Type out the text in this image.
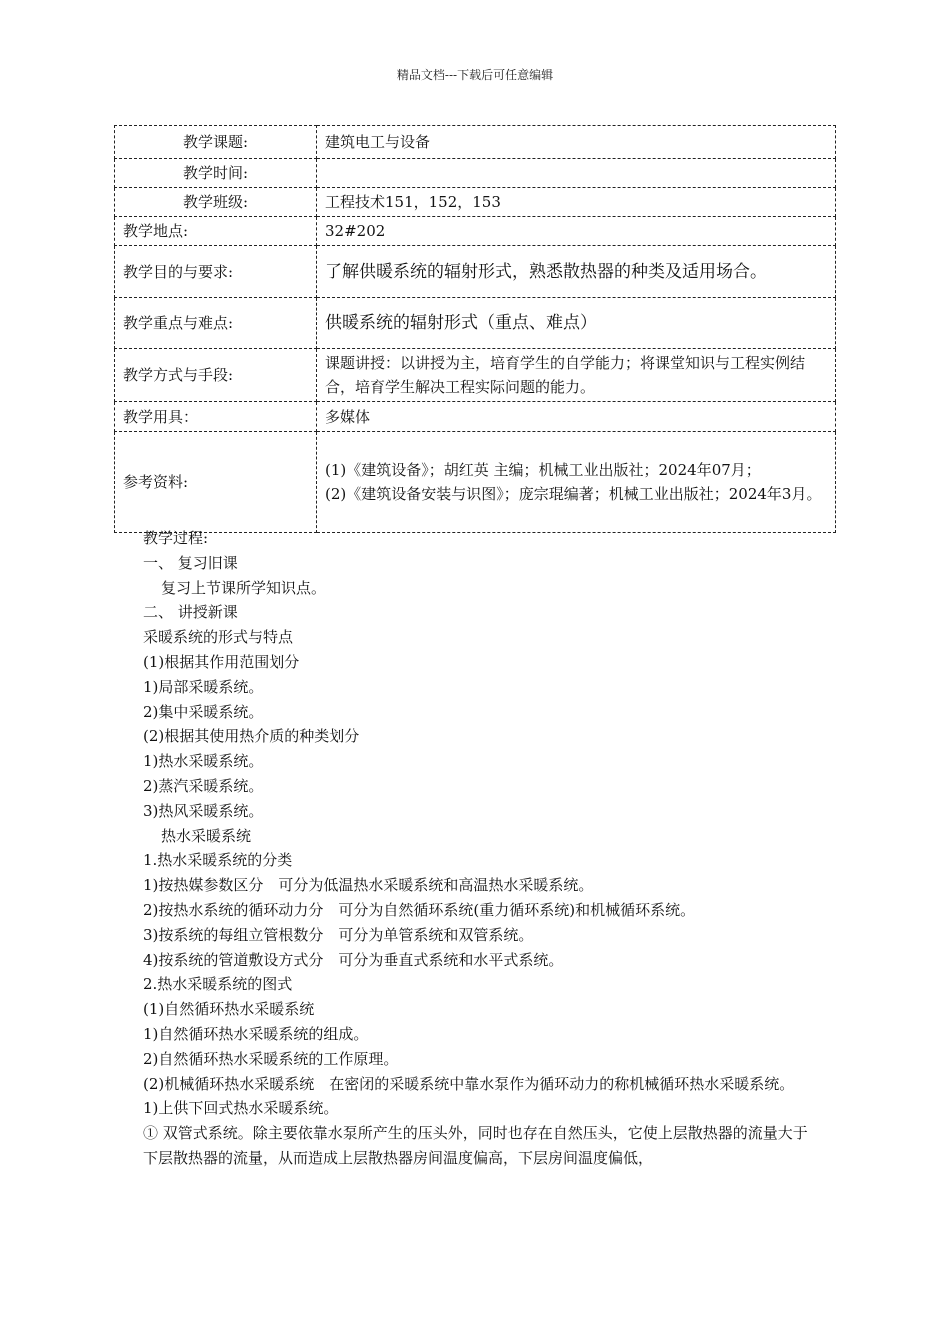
精品文档---下载后可任意编辑
教学课题:	建筑电工与设备
教学时间:	
教学班级:	工程技术151，152，153
教学地点:	32#202
教学目的与要求:	了解供暖系统的辐射形式，熟悉散热器的种类及适用场合。
教学重点与难点:	供暖系统的辐射形式（重点、难点）
教学方式与手段:	课题讲授：以讲授为主，培育学生的自学能力；将课堂知识与工程实例结合，培育学生解决工程实际问题的能力。
教学用具：	多媒体
参考资料:	(1)《建筑设备》；胡红英 主编；机械工业出版社；2024年07月；
(2)《建筑设备安装与识图》；庞宗琨编著；机械工业出版社；2024年3月。

教学过程:

一、 复习旧课

复习上节课所学知识点。

二、 讲授新课

采暖系统的形式与特点

(1)根据其作用范围划分

1)局部采暖系统。

2)集中采暖系统。

(2)根据其使用热介质的种类划分

1)热水采暖系统。

2)蒸汽采暖系统。

3)热风采暖系统。

热水采暖系统

1.热水采暖系统的分类

1)按热媒参数区分　可分为低温热水采暖系统和高温热水采暖系统。

2)按热水系统的循环动力分　可分为自然循环系统(重力循环系统)和机械循环系统。

3)按系统的每组立管根数分　可分为单管系统和双管系统。

4)按系统的管道敷设方式分　可分为垂直式系统和水平式系统。

2.热水采暖系统的图式

(1)自然循环热水采暖系统

1)自然循环热水采暖系统的组成。

2)自然循环热水采暖系统的工作原理。

(2)机械循环热水采暖系统　在密闭的采暖系统中靠水泵作为循环动力的称机械循环热水采暖系统。

1)上供下回式热水采暖系统。

① 双管式系统。除主要依靠水泵所产生的压头外，同时也存在自然压头，它使上层散热器的流量大于下层散热器的流量，从而造成上层散热器房间温度偏高，下层房间温度偏低，
